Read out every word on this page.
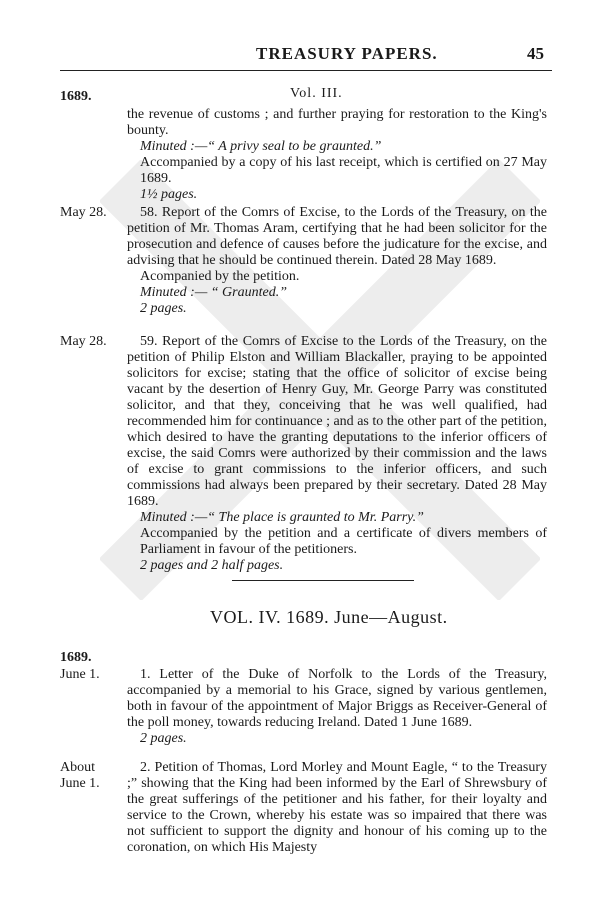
TREASURY PAPERS.	45
1689.	Vol. III.

the revenue of customs ; and further praying for restoration to the King's bounty.

Minuted :—“ A privy seal to be graunted.”

Accompanied by a copy of his last receipt, which is certified on 27 May 1689.

1½ pages.

May 28.	58. Report of the Comrs of Excise, to the Lords of the Treasury, on the petition of Mr. Thomas Aram, certifying that he had been solicitor for the prosecution and defence of causes before the judicature for the excise, and advising that he should be continued therein. Dated 28 May 1689.

Acompanied by the petition.

Minuted :— “ Graunted.”

2 pages.

May 28.	59. Report of the Comrs of Excise to the Lords of the Treasury, on the petition of Philip Elston and William Blackaller, praying to be appointed solicitors for excise; stating that the office of solicitor of excise being vacant by the desertion of Henry Guy, Mr. George Parry was constituted solicitor, and that they, conceiving that he was well qualified, had recommended him for continuance ; and as to the other part of the petition, which desired to have the granting deputations to the inferior officers of excise, the said Comrs were authorized by their commission and the laws of excise to grant commissions to the inferior officers, and such commissions had always been prepared by their secretary. Dated 28 May 1689.

Minuted :—“ The place is graunted to Mr. Parry.”

Accompanied by the petition and a certificate of divers members of Parliament in favour of the petitioners.

2 pages and 2 half pages.

VOL. IV. 1689. June—August.
1689.
June 1.	1. Letter of the Duke of Norfolk to the Lords of the Treasury, accompanied by a memorial to his Grace, signed by various gentlemen, both in favour of the appointment of Major Briggs as Receiver-General of the poll money, towards reducing Ireland. Dated 1 June 1689.

2 pages.

About
June 1.

2. Petition of Thomas, Lord Morley and Mount Eagle, “ to the Treasury ;” showing that the King had been informed by the Earl of Shrewsbury of the great sufferings of the petitioner and his father, for their loyalty and service to the Crown, whereby his estate was so impaired that there was not sufficient to support the dignity and honour of his coming up to the coronation, on which His Majesty
